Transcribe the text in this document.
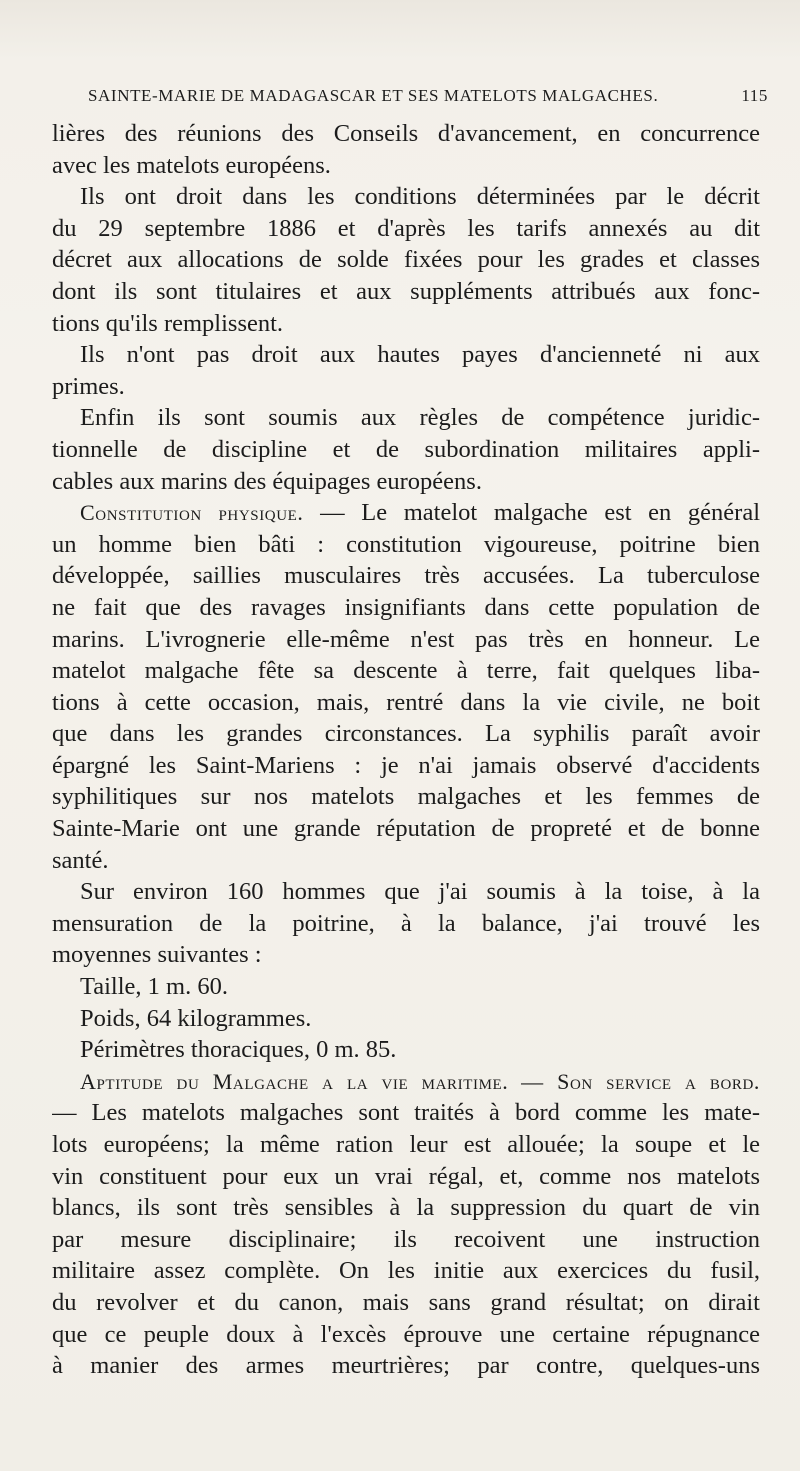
SAINTE-MARIE DE MADAGASCAR ET SES MATELOTS MALGACHES.	115
lières des réunions des Conseils d'avancement, en concurrence
avec les matelots européens.
Ils ont droit dans les conditions déterminées par le décrit
du 29 septembre 1886 et d'après les tarifs annexés au dit
décret aux allocations de solde fixées pour les grades et classes
dont ils sont titulaires et aux suppléments attribués aux fonc-
tions qu'ils remplissent.
Ils n'ont pas droit aux hautes payes d'ancienneté ni aux
primes.
Enfin ils sont soumis aux règles de compétence juridic-
tionnelle de discipline et de subordination militaires appli-
cables aux marins des équipages européens.
Constitution physique. — Le matelot malgache est en général
un homme bien bâti : constitution vigoureuse, poitrine bien
développée, saillies musculaires très accusées. La tuberculose
ne fait que des ravages insignifiants dans cette population de
marins. L'ivrognerie elle-même n'est pas très en honneur. Le
matelot malgache fête sa descente à terre, fait quelques liba-
tions à cette occasion, mais, rentré dans la vie civile, ne boit
que dans les grandes circonstances. La syphilis paraît avoir
épargné les Saint-Mariens : je n'ai jamais observé d'accidents
syphilitiques sur nos matelots malgaches et les femmes de
Sainte-Marie ont une grande réputation de propreté et de bonne
santé.
Sur environ 160 hommes que j'ai soumis à la toise, à la
mensuration de la poitrine, à la balance, j'ai trouvé les
moyennes suivantes :
Taille, 1 m. 60.
Poids, 64 kilogrammes.
Périmètres thoraciques, 0 m. 85.
Aptitude du Malgache a la vie maritime. — Son service a bord.
— Les matelots malgaches sont traités à bord comme les mate-
lots européens; la même ration leur est allouée; la soupe et le
vin constituent pour eux un vrai régal, et, comme nos matelots
blancs, ils sont très sensibles à la suppression du quart de vin
par mesure disciplinaire; ils recoivent une instruction
militaire assez complète. On les initie aux exercices du fusil,
du revolver et du canon, mais sans grand résultat; on dirait
que ce peuple doux à l'excès éprouve une certaine répugnance
à manier des armes meurtrières; par contre, quelques-uns
